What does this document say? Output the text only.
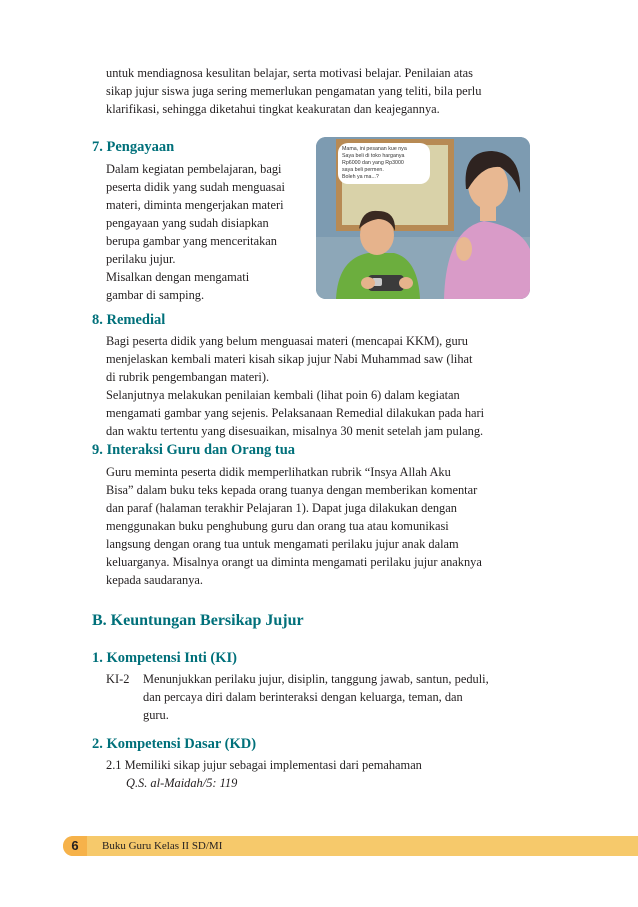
untuk mendiagnosa kesulitan belajar, serta motivasi belajar. Penilaian atas

sikap jujur siswa juga sering memerlukan pengamatan yang teliti, bila perlu

klarifikasi, sehingga diketahui tingkat keakuratan dan keajegannya.

7. Pengayaan

Dalam kegiatan pembelajaran, bagi

peserta didik yang sudah menguasai

materi, diminta mengerjakan materi

pengayaan yang sudah disiapkan

berupa gambar yang menceritakan

perilaku jujur.

Misalkan dengan mengamati

gambar di samping.

Mama, ini pesanan kue nya
Saya beli di toko harganya
Rp6000 dan yang Rp3000
saya beli permen.
Boleh ya ma...?
8. Remedial

Bagi peserta didik yang belum menguasai materi (mencapai KKM), guru

menjelaskan kembali materi kisah sikap jujur Nabi Muhammad saw (lihat

di rubrik pengembangan materi).

Selanjutnya melakukan penilaian kembali (lihat poin 6) dalam kegiatan

mengamati gambar yang sejenis. Pelaksanaan Remedial dilakukan pada hari

dan waktu tertentu yang disesuaikan, misalnya 30 menit setelah jam pulang.

9. Interaksi Guru dan Orang tua

Guru meminta peserta didik memperlihatkan rubrik “Insya Allah Aku

Bisa” dalam buku teks kepada orang tuanya dengan memberikan komentar

dan paraf (halaman terakhir Pelajaran 1). Dapat juga dilakukan dengan

menggunakan buku penghubung guru dan orang tua atau komunikasi

langsung dengan orang tua untuk mengamati perilaku jujur anak dalam

keluarganya. Misalnya orangt ua diminta mengamati perilaku jujur anaknya

kepada saudaranya.

B. Keuntungan Bersikap Jujur
1. Kompetensi Inti (KI)
KI-2	Menunjukkan perilaku jujur, disiplin, tanggung jawab, santun, peduli,

dan percaya diri dalam berinteraksi dengan keluarga, teman, dan

guru.

2. Kompetensi Dasar (KD)
2.1 Memiliki sikap jujur sebagai implementasi dari pemahaman
Q.S. al-Maidah/5: 119
6	Buku Guru Kelas II SD/MI
